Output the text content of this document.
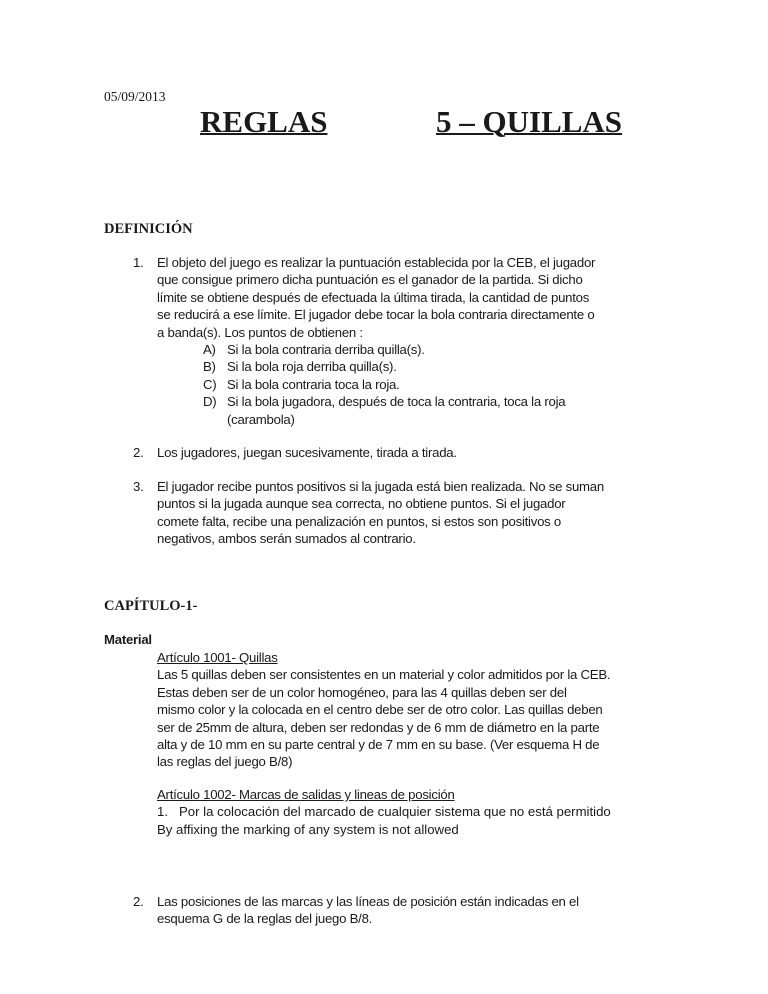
05/09/2013
REGLAS	5 – QUILLAS
DEFINICIÓN
1. El objeto del juego es realizar la puntuación establecida por la CEB, el jugador
que consigue primero dicha puntuación es el ganador de la partida. Si dicho
límite se obtiene después de efectuada la última tirada, la cantidad de puntos
se reducirá a ese límite. El jugador debe tocar la bola contraria directamente o
a banda(s). Los puntos de obtienen :
A) Si la bola contraria derriba quilla(s).
B) Si la bola roja derriba quilla(s).
C) Si la bola contraria toca la roja.
D) Si la bola jugadora, después de toca la contraria, toca la roja
(carambola)
2. Los jugadores, juegan sucesivamente, tirada a tirada.
3. El jugador recibe puntos positivos si la jugada está bien realizada. No se suman
puntos si la jugada aunque sea correcta, no obtiene puntos. Si el jugador
comete falta, recibe una penalización en puntos, si estos son positivos o
negativos, ambos serán sumados al contrario.
CAPÍTULO-1-
Material
Artículo 1001- Quillas
Las 5 quillas deben ser consistentes en un material y color admitidos por la CEB.
Estas deben ser de un color homogéneo, para las 4 quillas deben ser del
mismo color y la colocada en el centro debe ser de otro color. Las quillas deben
ser de 25mm de altura, deben ser redondas y de 6 mm de diámetro en la parte
alta y de 10 mm en su parte central y de 7 mm en su base. (Ver esquema H de
las reglas del juego B/8)
Artículo 1002- Marcas de salidas y lineas de posición
1.   Por la colocación del marcado de cualquier sistema que no está permitido
By affixing the marking of any system is not allowed
2. Las posiciones de las marcas y las líneas de posición están indicadas en el
esquema G de la reglas del juego B/8.
